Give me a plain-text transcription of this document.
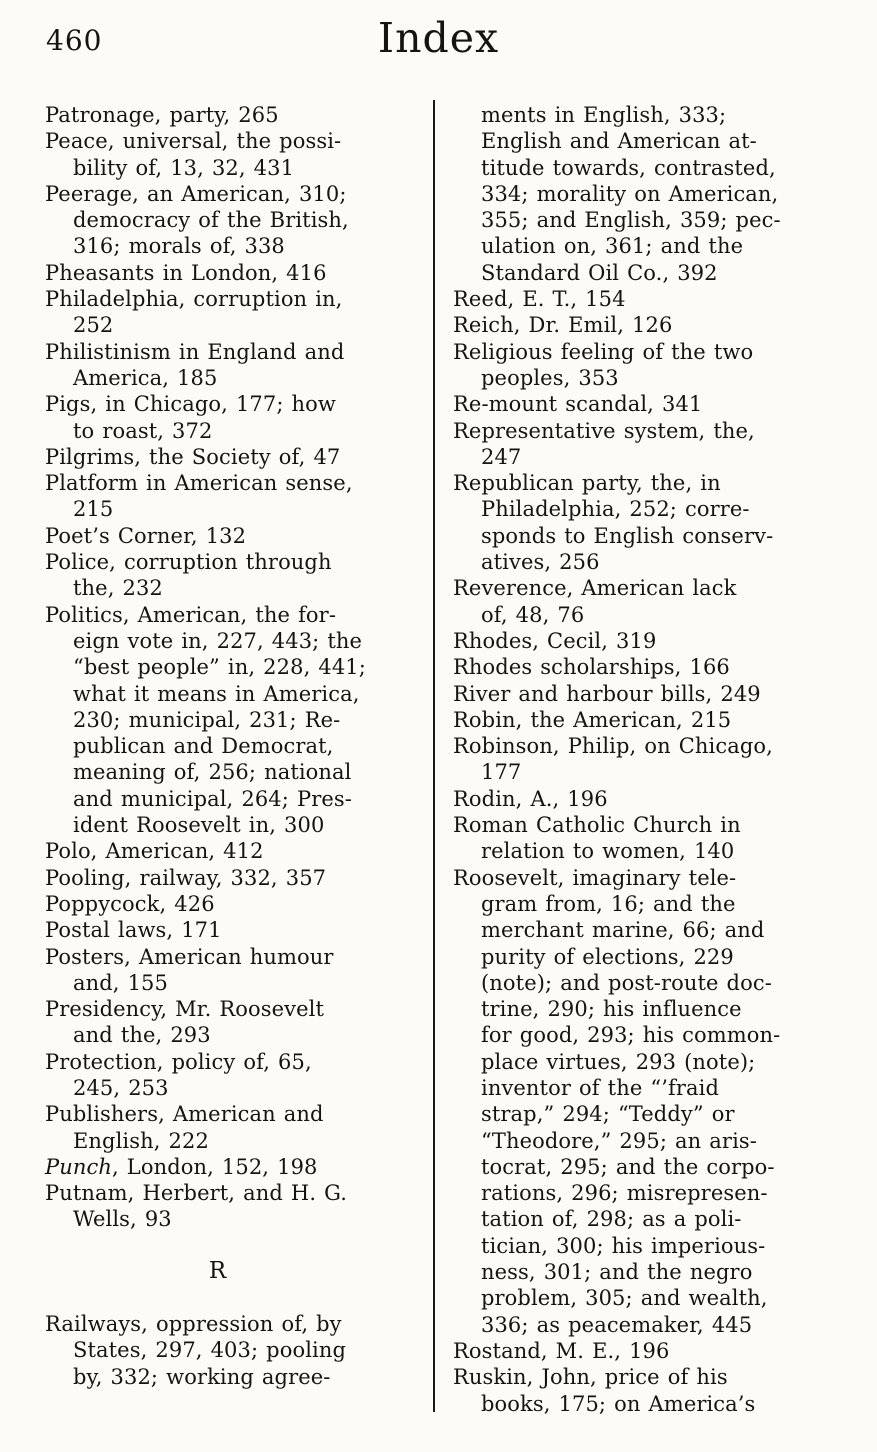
460	Index
Patronage, party, 265
Peace, universal, the possi-
bility of, 13, 32, 431
Peerage, an American, 310;
democracy of the British,
316; morals of, 338
Pheasants in London, 416
Philadelphia, corruption in,
252
Philistinism in England and
America, 185
Pigs, in Chicago, 177; how
to roast, 372
Pilgrims, the Society of, 47
Platform in American sense,
215
Poet’s Corner, 132
Police, corruption through
the, 232
Politics, American, the for-
eign vote in, 227, 443; the
“best people” in, 228, 441;
what it means in America,
230; municipal, 231; Re-
publican and Democrat,
meaning of, 256; national
and municipal, 264; Pres-
ident Roosevelt in, 300
Polo, American, 412
Pooling, railway, 332, 357
Poppycock, 426
Postal laws, 171
Posters, American humour
and, 155
Presidency, Mr. Roosevelt
and the, 293
Protection, policy of, 65,
245, 253
Publishers, American and
English, 222
Punch, London, 152, 198
Putnam, Herbert, and H. G.
Wells, 93
R
Railways, oppression of, by
States, 297, 403; pooling
by, 332; working agree-
ments in English, 333;
English and American at-
titude towards, contrasted,
334; morality on American,
355; and English, 359; pec-
ulation on, 361; and the
Standard Oil Co., 392
Reed, E. T., 154
Reich, Dr. Emil, 126
Religious feeling of the two
peoples, 353
Re-mount scandal, 341
Representative system, the,
247
Republican party, the, in
Philadelphia, 252; corre-
sponds to English conserv-
atives, 256
Reverence, American lack
of, 48, 76
Rhodes, Cecil, 319
Rhodes scholarships, 166
River and harbour bills, 249
Robin, the American, 215
Robinson, Philip, on Chicago,
177
Rodin, A., 196
Roman Catholic Church in
relation to women, 140
Roosevelt, imaginary tele-
gram from, 16; and the
merchant marine, 66; and
purity of elections, 229
(note); and post-route doc-
trine, 290; his influence
for good, 293; his common-
place virtues, 293 (note);
inventor of the “’fraid
strap,” 294; “Teddy” or
“Theodore,” 295; an aris-
tocrat, 295; and the corpo-
rations, 296; misrepresen-
tation of, 298; as a poli-
tician, 300; his imperious-
ness, 301; and the negro
problem, 305; and wealth,
336; as peacemaker, 445
Rostand, M. E., 196
Ruskin, John, price of his
books, 175; on America’s
